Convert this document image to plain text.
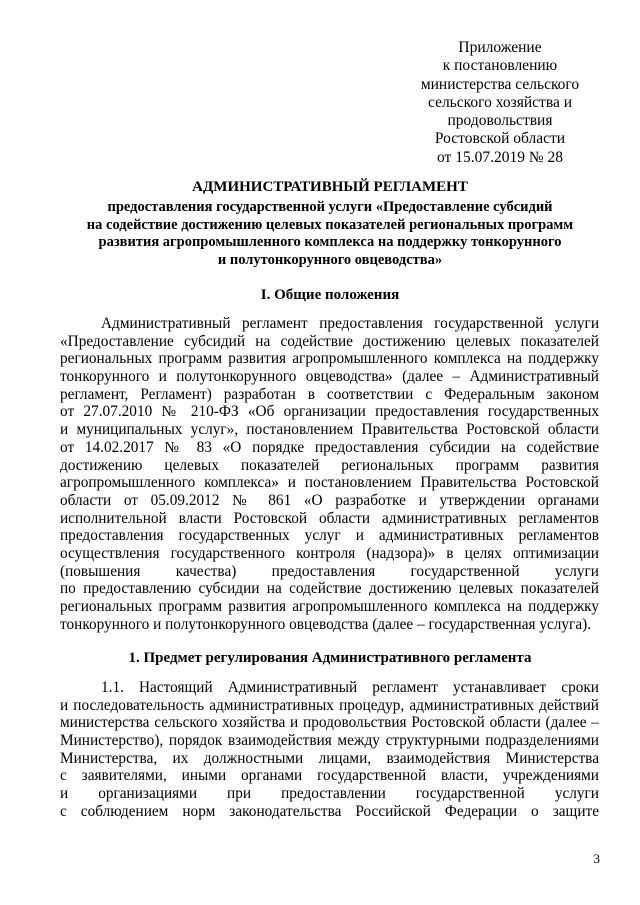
Приложение
к постановлению
министерства сельского
сельского хозяйства и
продовольствия
Ростовской области
от 15.07.2019 № 28
АДМИНИСТРАТИВНЫЙ РЕГЛАМЕНТ
предоставления государственной услуги «Предоставление субсидий
на содействие достижению целевых показателей региональных программ
развития агропромышленного комплекса на поддержку тонкорунного
и полутонкорунного овцеводства»
I. Общие положения
Административный регламент предоставления государственной услуги
«Предоставление субсидий на содействие достижению целевых показателей
региональных программ развития агропромышленного комплекса на поддержку
тонкорунного и полутонкорунного овцеводства» (далее – Административный
регламент, Регламент) разработан в соответствии с Федеральным законом
от 27.07.2010 № 210-ФЗ «Об организации предоставления государственных
и муниципальных услуг», постановлением Правительства Ростовской области
от 14.02.2017 № 83 «О порядке предоставления субсидии на содействие
достижению целевых показателей региональных программ развития
агропромышленного комплекса» и постановлением Правительства Ростовской
области от 05.09.2012 № 861 «О разработке и утверждении органами
исполнительной власти Ростовской области административных регламентов
предоставления государственных услуг и административных регламентов
осуществления государственного контроля (надзора)» в целях оптимизации
(повышения качества) предоставления государственной услуги
по предоставлению субсидии на содействие достижению целевых показателей
региональных программ развития агропромышленного комплекса на поддержку
тонкорунного и полутонкорунного овцеводства (далее – государственная услуга).
1. Предмет регулирования Административного регламента
1.1. Настоящий Административный регламент устанавливает сроки
и последовательность административных процедур, административных действий
министерства сельского хозяйства и продовольствия Ростовской области (далее –
Министерство), порядок взаимодействия между структурными подразделениями
Министерства, их должностными лицами, взаимодействия Министерства
с заявителями, иными органами государственной власти, учреждениями
и организациями при предоставлении государственной услуги
с соблюдением норм законодательства Российской Федерации о защите
3
